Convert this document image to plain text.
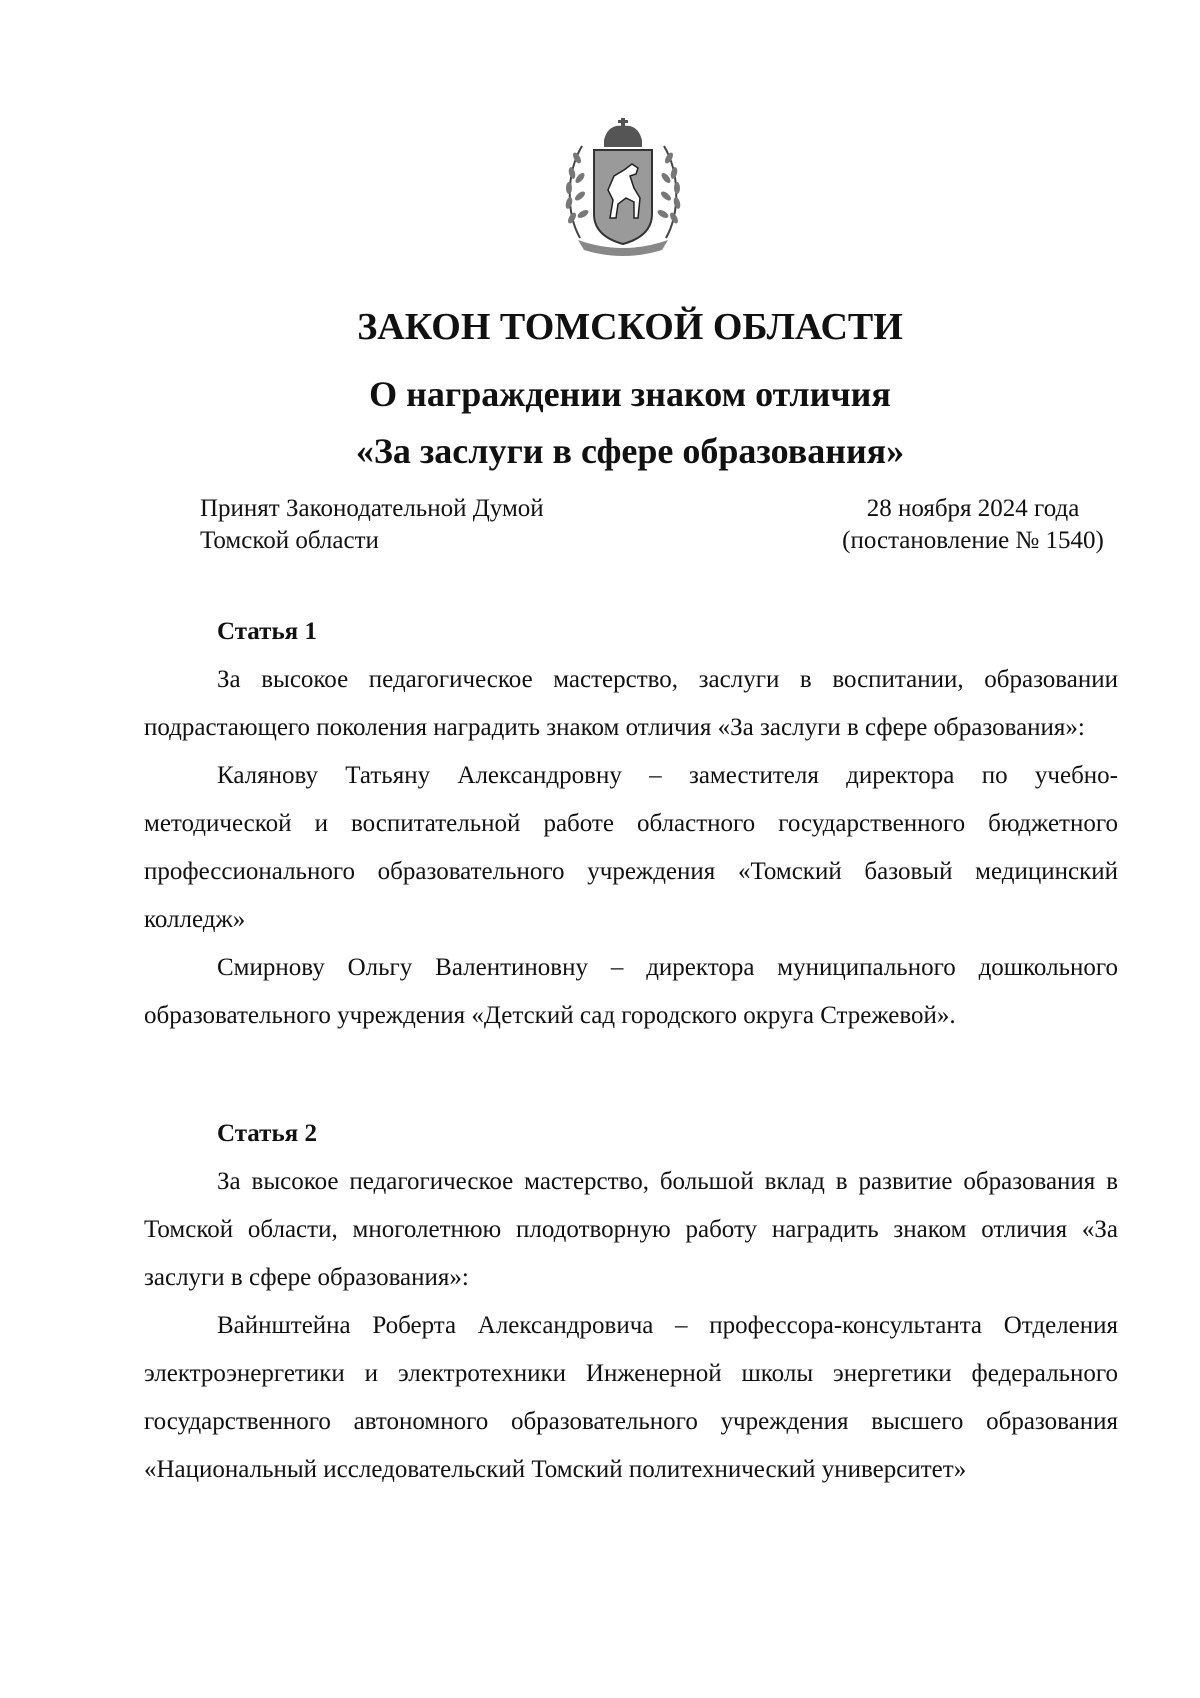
ЗАКОН ТОМСКОЙ ОБЛАСТИ

О награждении знаком отличия

«За заслуги в сфере образования»

Принят Законодательной Думой
Томской области
28 ноября 2024 года
(постановление № 1540)

Статья 1

За высокое педагогическое мастерство, заслуги в воспитании, образовании подрастающего поколения наградить знаком отличия «За заслуги в сфере образования»:

Калянову Татьяну Александровну – заместителя директора по учебно-методической и воспитательной работе областного государственного бюджетного профессионального образовательного учреждения «Томский базовый медицинский колледж»

Смирнову Ольгу Валентиновну – директора муниципального дошкольного образовательного учреждения «Детский сад городского округа Стрежевой».

Статья 2

За высокое педагогическое мастерство, большой вклад в развитие образования в Томской области, многолетнюю плодотворную работу наградить знаком отличия «За заслуги в сфере образования»:

Вайнштейна Роберта Александровича – профессора-консультанта Отделения электроэнергетики и электротехники Инженерной школы энергетики федерального государственного автономного образовательного учреждения высшего образования «Национальный исследовательский Томский политехнический университет»
